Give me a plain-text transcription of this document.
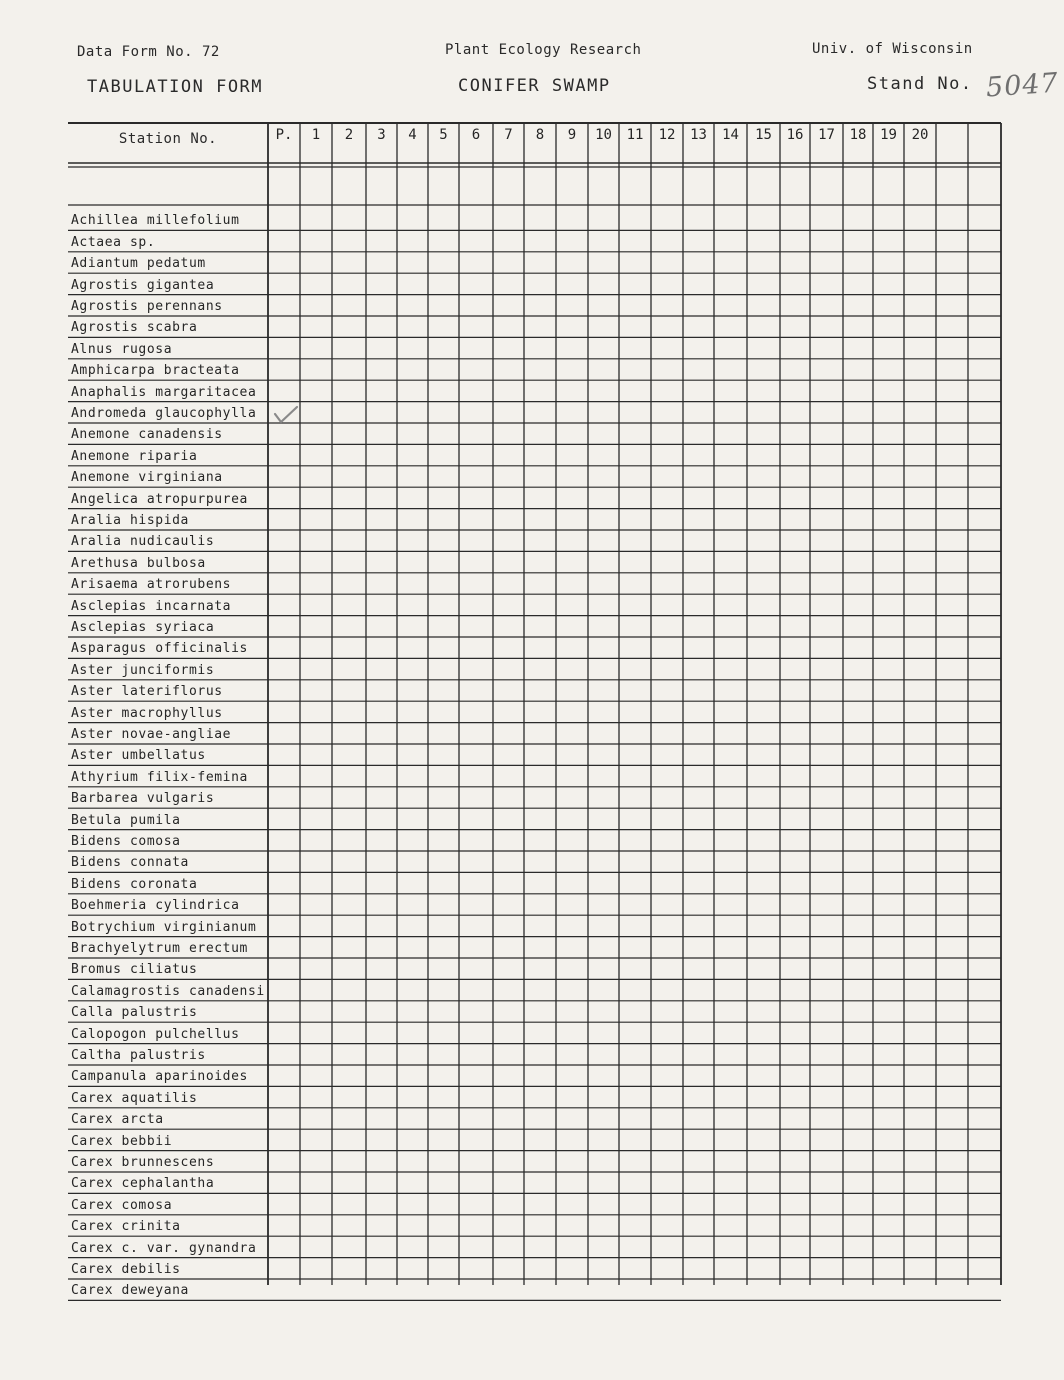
Data Form No. 72	Plant Ecology Research	Univ. of Wisconsin
TABULATION FORM	CONIFER SWAMP	Stand No. 5047
Station No.	P.	1	2	3	4	5	6	7	8	9	10	11	12	13	14	15	16	17	18 19	20
Achillea millefolium
Actaea sp.
Adiantum pedatum
Agrostis gigantea
Agrostis perennans
Agrostis scabra
Alnus rugosa
Amphicarpa bracteata
Anaphalis margaritacea
Andromeda glaucophylla
Anemone canadensis
Anemone riparia
Anemone virginiana
Angelica atropurpurea
Aralia hispida
Aralia nudicaulis
Arethusa bulbosa
Arisaema atrorubens
Asclepias incarnata
Asclepias syriaca
Asparagus officinalis
Aster junciformis
Aster lateriflorus
Aster macrophyllus
Aster novae-angliae
Aster umbellatus
Athyrium filix-femina
Barbarea vulgaris
Betula pumila
Bidens comosa
Bidens connata
Bidens coronata
Boehmeria cylindrica
Botrychium virginianum
Brachyelytrum erectum
Bromus ciliatus
Calamagrostis canadensi
Calla palustris
Calopogon pulchellus
Caltha palustris
Campanula aparinoides
Carex aquatilis
Carex arcta
Carex bebbii
Carex brunnescens
Carex cephalantha
Carex comosa
Carex crinita
Carex c. var. gynandra
Carex debilis
Carex deweyana
